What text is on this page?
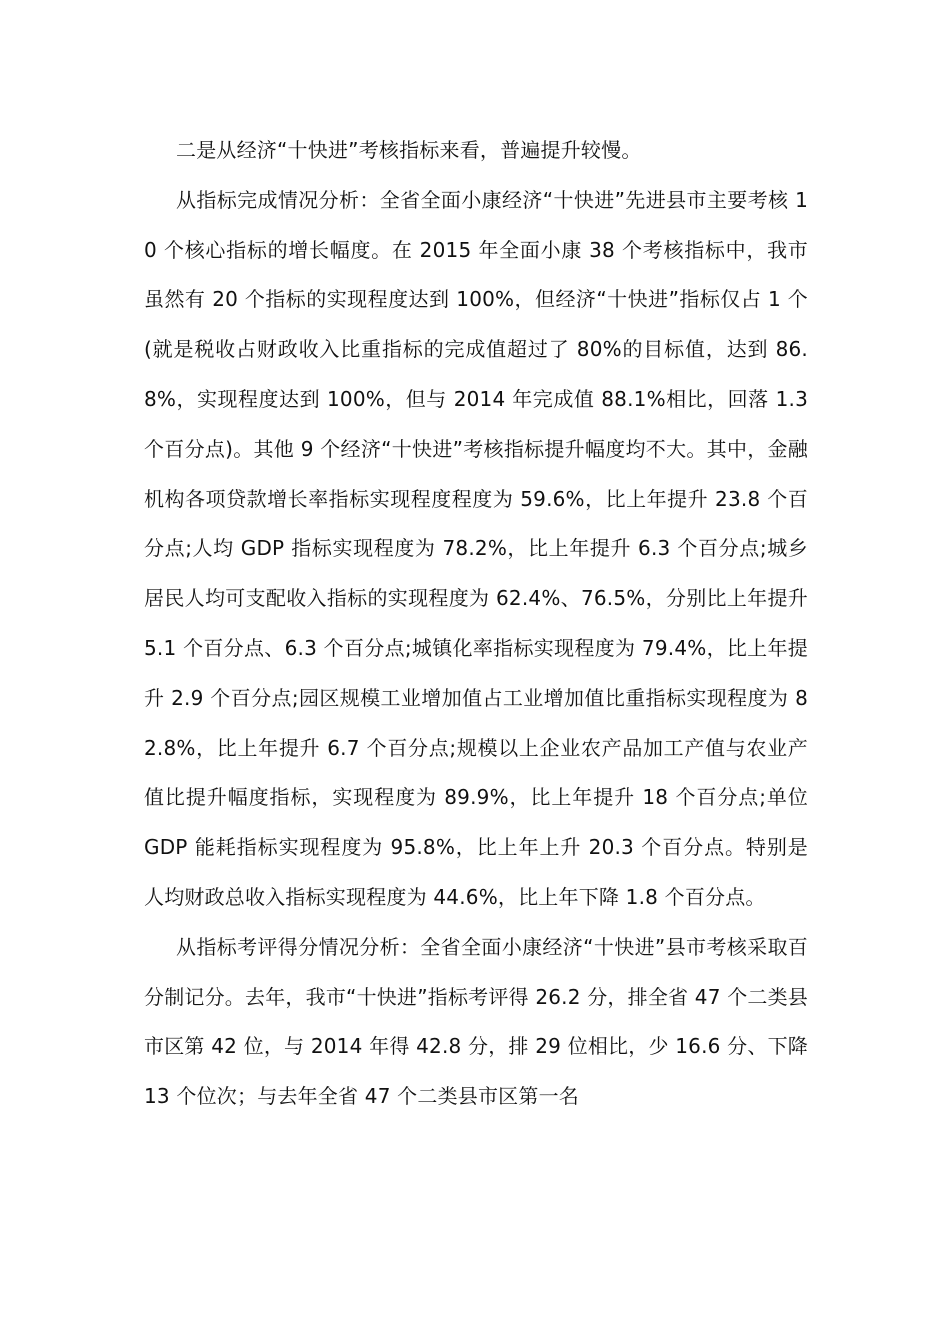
二是从经济“十快进”考核指标来看，普遍提升较慢。

从指标完成情况分析：全省全面小康经济“十快进”先进县市主要考核 10 个核心指标的增长幅度。在 2015 年全面小康 38 个考核指标中，我市虽然有 20 个指标的实现程度达到 100%，但经济“十快进”指标仅占 1 个(就是税收占财政收入比重指标的完成值超过了 80%的目标值，达到 86.8%，实现程度达到 100%，但与 2014 年完成值 88.1%相比，回落 1.3 个百分点)。其他 9 个经济“十快进”考核指标提升幅度均不大。其中，金融机构各项贷款增长率指标实现程度程度为 59.6%，比上年提升 23.8 个百分点;人均 GDP 指标实现程度为 78.2%，比上年提升 6.3 个百分点;城乡居民人均可支配收入指标的实现程度为 62.4%、76.5%，分别比上年提升 5.1 个百分点、6.3 个百分点;城镇化率指标实现程度为 79.4%，比上年提升 2.9 个百分点;园区规模工业增加值占工业增加值比重指标实现程度为 82.8%，比上年提升 6.7 个百分点;规模以上企业农产品加工产值与农业产值比提升幅度指标，实现程度为 89.9%，比上年提升 18 个百分点;单位 GDP 能耗指标实现程度为 95.8%，比上年上升 20.3 个百分点。特别是人均财政总收入指标实现程度为 44.6%，比上年下降 1.8 个百分点。

从指标考评得分情况分析：全省全面小康经济“十快进”县市考核采取百分制记分。去年，我市“十快进”指标考评得 26.2 分，排全省 47 个二类县市区第 42 位，与 2014 年得 42.8 分，排 29 位相比，少 16.6 分、下降 13 个位次；与去年全省 47 个二类县市区第一名
